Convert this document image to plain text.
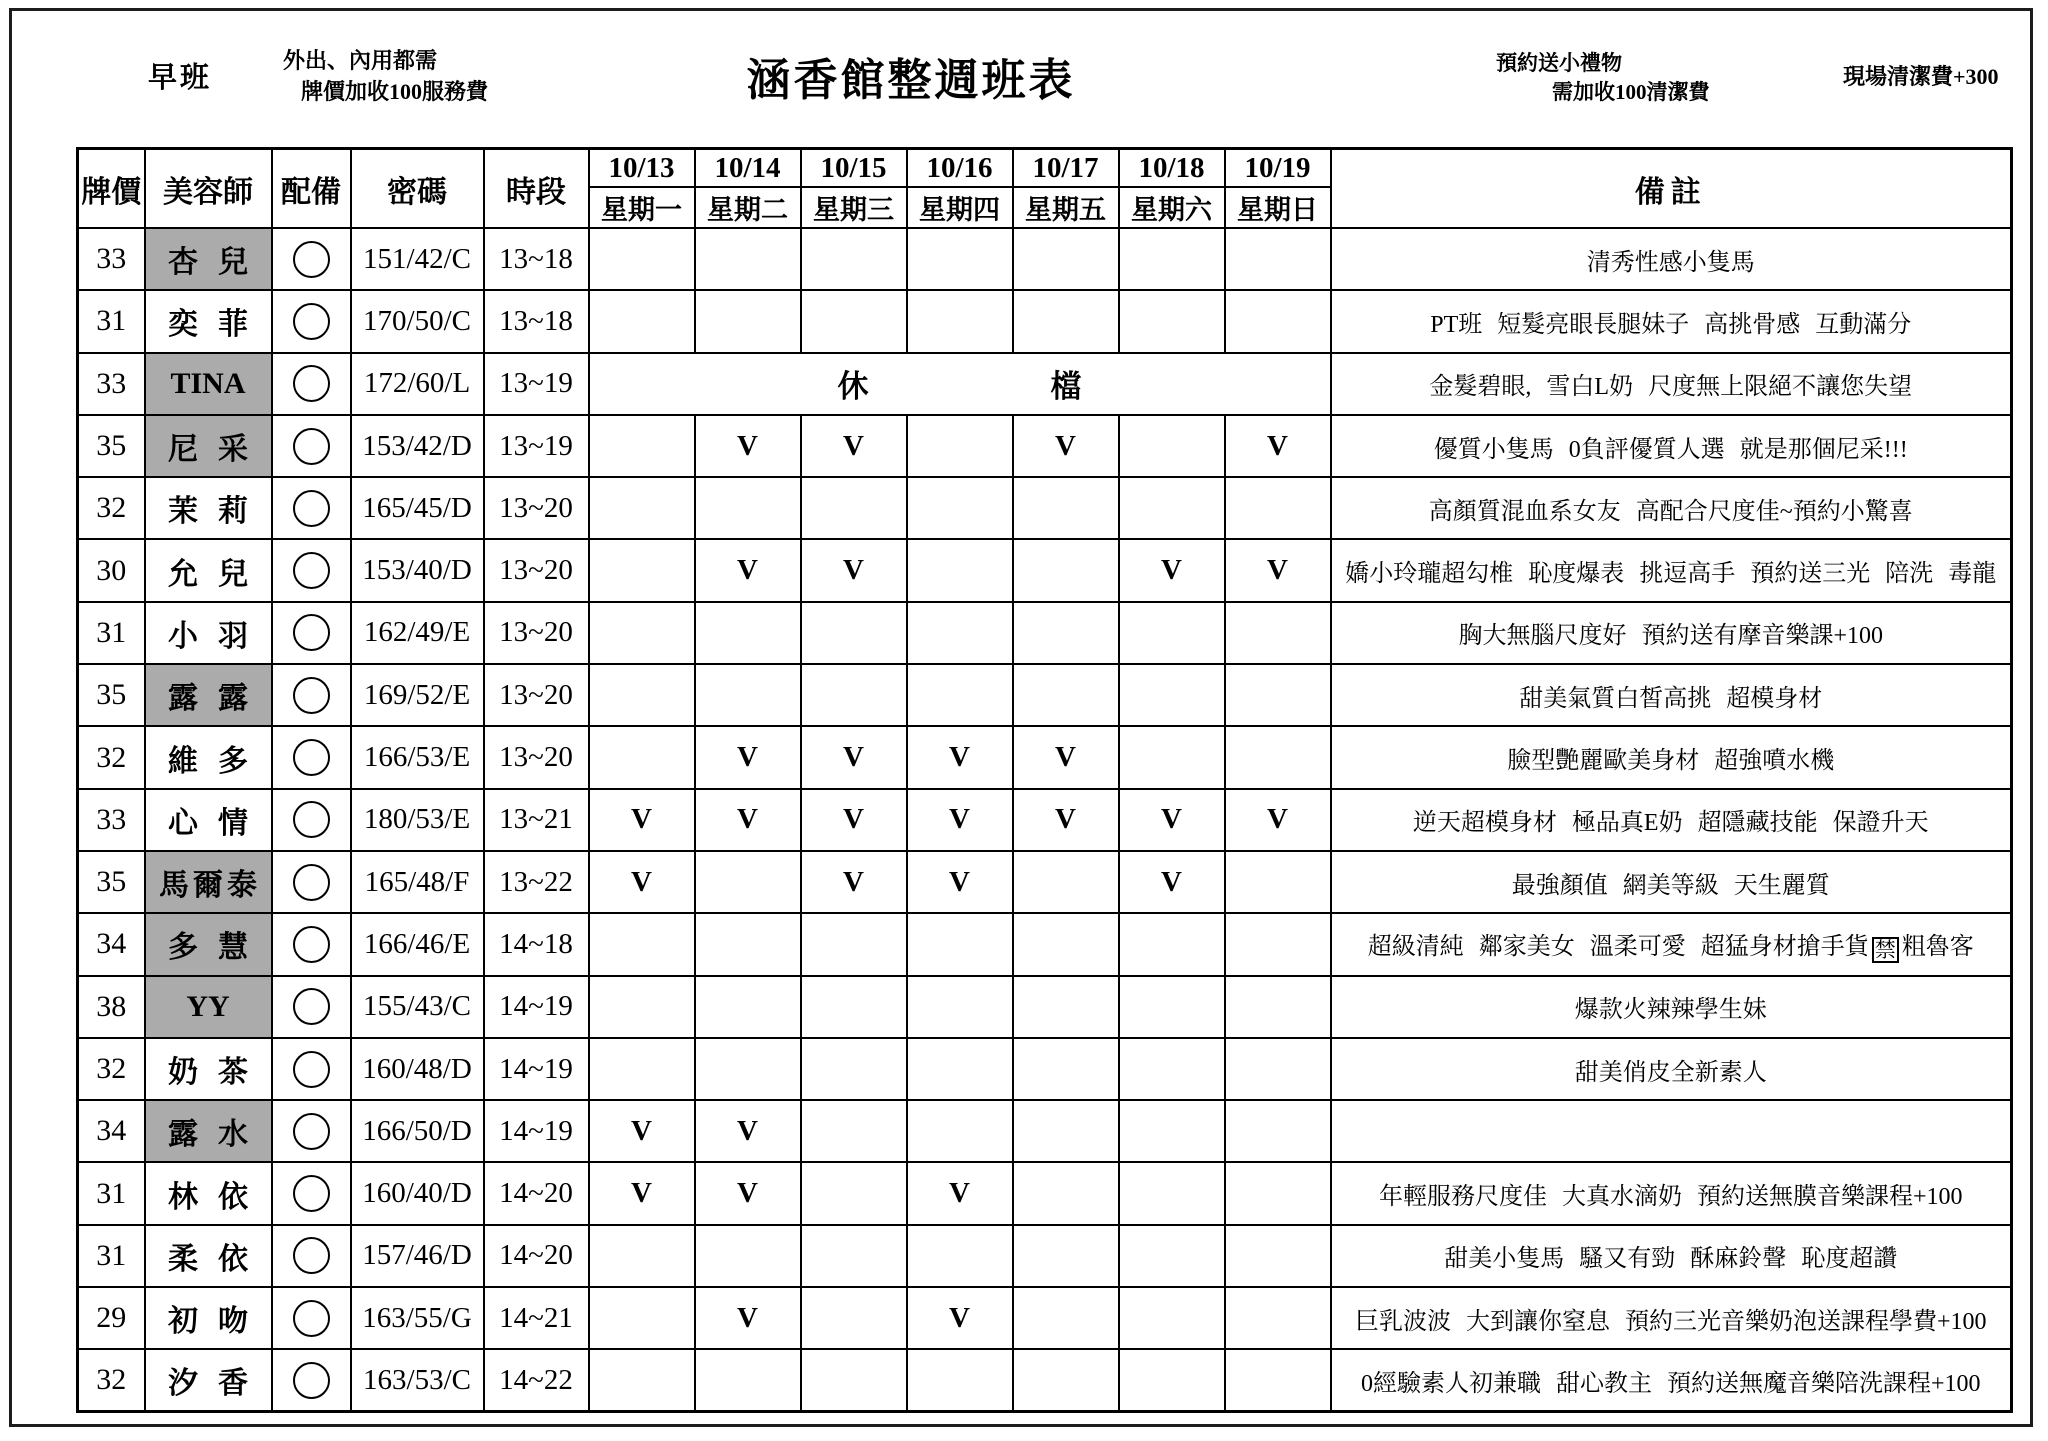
早班
外出、內用都需
牌價加收100服務費	涵香館整週班表	預約送小禮物
需加收100清潔費
現場清潔費+300
牌價	美容師	配備	密碼	時段	10/13	10/14	10/15	10/16	10/17	10/18	10/19	備註
					星期一	星期二	星期三	星期四	星期五	星期六	星期日	
33	杏兒		151/42/C	13~18								清秀性感小隻馬
31	奕菲		170/50/C	13~18								PT班 短髮亮眼長腿妹子 高挑骨感 互動滿分
33	TINA		172/60/L	13~19	休 檔							金髮碧眼, 雪白L奶 尺度無上限絕不讓您失望
35	尼采		153/42/D	13~19		V	V		V		V	優質小隻馬 0負評優質人選 就是那個尼采!!!
32	茉莉		165/45/D	13~20								高顏質混血系女友 高配合尺度佳~預約小驚喜
30	允兒		153/40/D	13~20		V	V			V	V	嬌小玲瓏超勾椎 恥度爆表 挑逗高手 預約送三光 陪洗 毒龍
31	小羽		162/49/E	13~20								胸大無腦尺度好 預約送有摩音樂課+100
35	露露		169/52/E	13~20								甜美氣質白皙高挑 超模身材
32	維多		166/53/E	13~20		V	V	V	V			臉型艷麗歐美身材 超強噴水機
33	心情		180/53/E	13~21	V	V	V	V	V	V	V	逆天超模身材 極品真E奶 超隱藏技能 保證升天
35	馬爾泰		165/48/F	13~22	V		V	V		V		最強顏值 網美等級 天生麗質
34	多慧		166/46/E	14~18								超級清純 鄰家美女 溫柔可愛 超猛身材搶手貨 禁 粗魯客
38	YY		155/43/C	14~19								爆款火辣辣學生妹
32	奶茶		160/48/D	14~19								甜美俏皮全新素人
34	露水		166/50/D	14~19	V	V						
31	林依		160/40/D	14~20	V	V		V				年輕服務尺度佳 大真水滴奶 預約送無膜音樂課程+100
31	柔依		157/46/D	14~20								甜美小隻馬 騷又有勁 酥麻鈴聲 恥度超讚
29	初吻		163/55/G	14~21		V		V				巨乳波波 大到讓你窒息 預約三光音樂奶泡送課程學費+100
32	汐香		163/53/C	14~22								0經驗素人初兼職 甜心教主 預約送無魔音樂陪洗課程+100
